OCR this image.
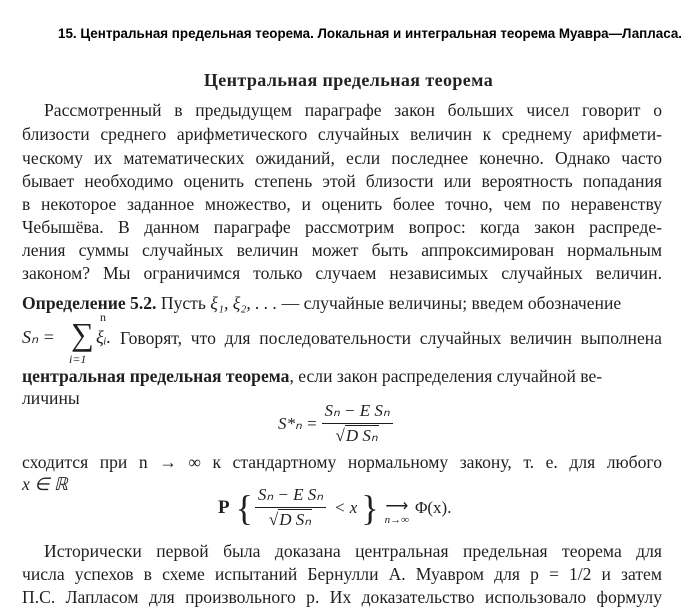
15. Центральная предельная теорема. Локальная и интегральная теорема Муавра—Лапласа.
Центральная предельная теорема
Рассмотренный в предыдущем параграфе закон больших чисел говорит о
близости среднего арифметического случайных величин к среднему арифмети-
ческому их математических ожиданий, если последнее конечно. Однако часто
бывает необходимо оценить степень этой близости или вероятность попадания
в некоторое заданное множество, и оценить более точно, чем по неравенству
Чебышёва. В данном параграфе рассмотрим вопрос: когда закон распреде-
ления суммы случайных величин может быть аппроксимирован нормальным
законом? Мы ограничимся только случаем независимых случайных величин.
Определение 5.2. Пусть ξ₁, ξ₂, . . . — случайные величины; введем обозначение
Sₙ =
n
∑
i=1
ξᵢ. Говорят, что для последовательности случайных величин выполнена
центральная предельная теорема, если закон распределения случайной ве-
личины
$S*_n = \frac{\text{Sₙ − E Sₙ}}{\text{√D Sₙ}}$
сходится при n → ∞ к стандартному нормальному закону, т. е. для любого
x ∈ ℝ
P { $\frac{\text{Sₙ − E Sₙ}}{\text{√D Sₙ}} < x$ } ⟶
n→∞
Φ(x).
Исторически первой была доказана центральная предельная теорема для
числа успехов в схеме испытаний Бернулли А. Муавром для p = 1/2 и затем
П.С. Лапласом для произвольного p. Их доказательство использовало формулу
